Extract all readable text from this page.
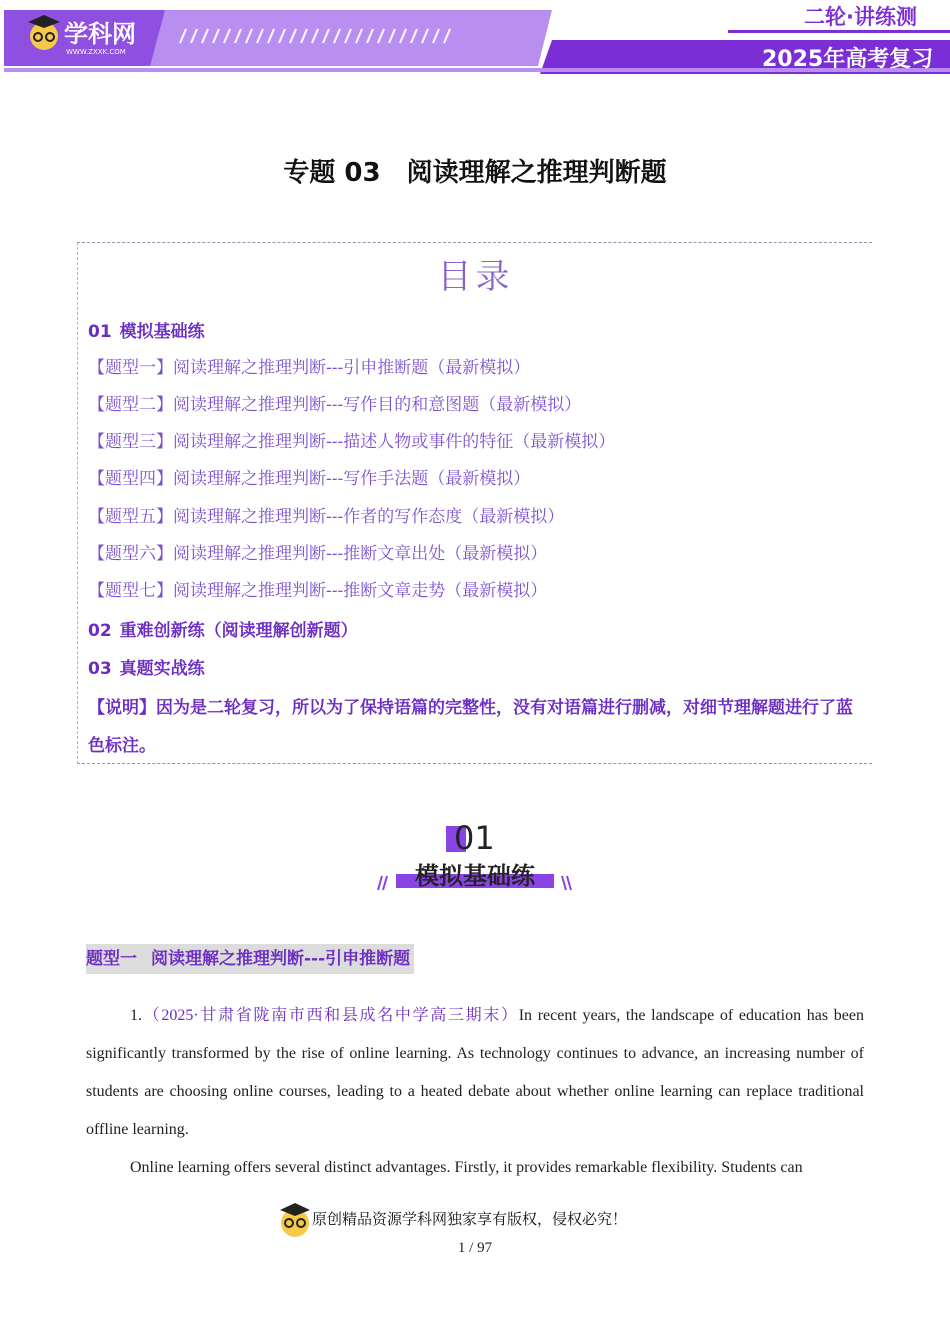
学科网
WWW.ZXXK.COM
二轮·讲练测
2025年高考复习
专题 03　阅读理解之推理判断题
目录
01 模拟基础练
【题型一】阅读理解之推理判断---引申推断题（最新模拟）
【题型二】阅读理解之推理判断---写作目的和意图题（最新模拟）
【题型三】阅读理解之推理判断---描述人物或事件的特征（最新模拟）
【题型四】阅读理解之推理判断---写作手法题（最新模拟）
【题型五】阅读理解之推理判断---作者的写作态度（最新模拟）
【题型六】阅读理解之推理判断---推断文章出处（最新模拟）
【题型七】阅读理解之推理判断---推断文章走势（最新模拟）
02 重难创新练（阅读理解创新题）
03 真题实战练
【说明】因为是二轮复习，所以为了保持语篇的完整性，没有对语篇进行删减，对细节理解题进行了蓝色标注。
01
模拟基础练
题型一 阅读理解之推理判断---引申推断题
1.（2025·甘肃省陇南市西和县成名中学高三期末）In recent years, the landscape of education has been significantly transformed by the rise of online learning. As technology continues to advance, an increasing number of students are choosing online courses, leading to a heated debate about whether online learning can replace traditional offline learning.
Online learning offers several distinct advantages. Firstly, it provides remarkable flexibility. Students can
原创精品资源学科网独家享有版权，侵权必究！
1 / 97
